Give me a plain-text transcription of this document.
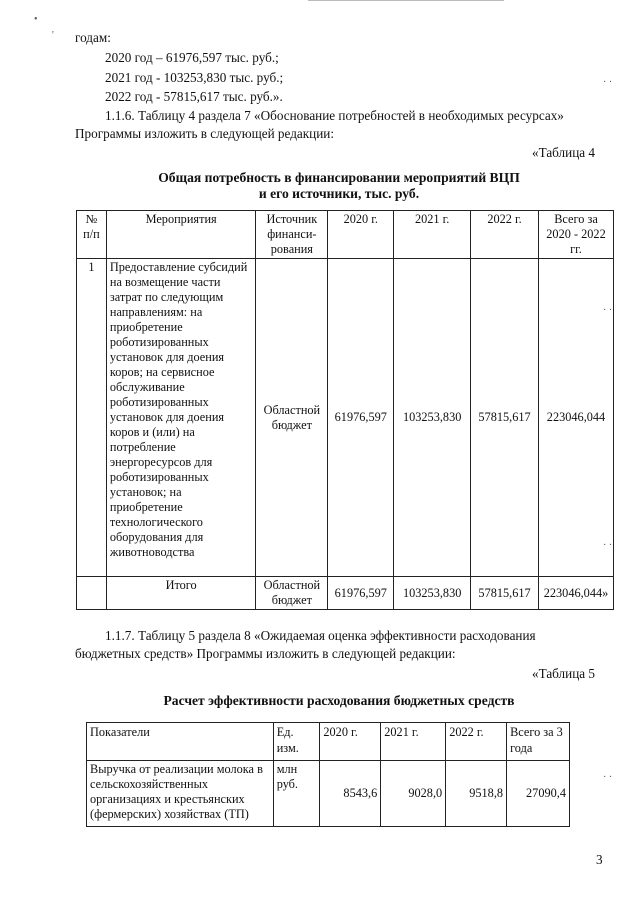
•
' годам:
2020 год – 61976,597 тыс. руб.;
2021 год - 103253,830 тыс. руб.;
2022 год - 57815,617 тыс. руб.».
1.1.6. Таблицу 4 раздела 7 «Обоснование потребностей в необходимых ресурсах»
Программы изложить в следующей редакции:
«Таблица 4
Общая потребность в финансировании мероприятий ВЦП
и его источники, тыс. руб.
№ п/п	Мероприятия	Источник финанси-рования	2020 г.	2021 г.	2022 г.	Всего за 2020 - 2022 гг.
1	Предоставление субсидий на возмещение части затрат по следующим направлениям: на приобретение роботизированных установок для доения коров; на сервисное обслуживание роботизированных установок для доения коров и (или) на потребление энергоресурсов для роботизированных установок; на приобретение технологического оборудования для животноводства	Областной бюджет	61976,597	103253,830	57815,617	223046,044
	Итого	Областной бюджет	61976,597	103253,830	57815,617	223046,044»
1.1.7. Таблицу 5 раздела 8 «Ожидаемая оценка эффективности расходования
бюджетных средств» Программы изложить в следующей редакции:
«Таблица 5
Расчет эффективности расходования бюджетных средств
Показатели	Ед. изм.	2020 г.	2021 г.	2022 г.	Всего за 3 года
Выручка от реализации молока в сельскохозяйственных организациях и крестьянских (фермерских) хозяйствах (ТП)	млн руб.	8543,6	9028,0	9518,8	27090,4
· ·
· ·
· ·
· ·
3
